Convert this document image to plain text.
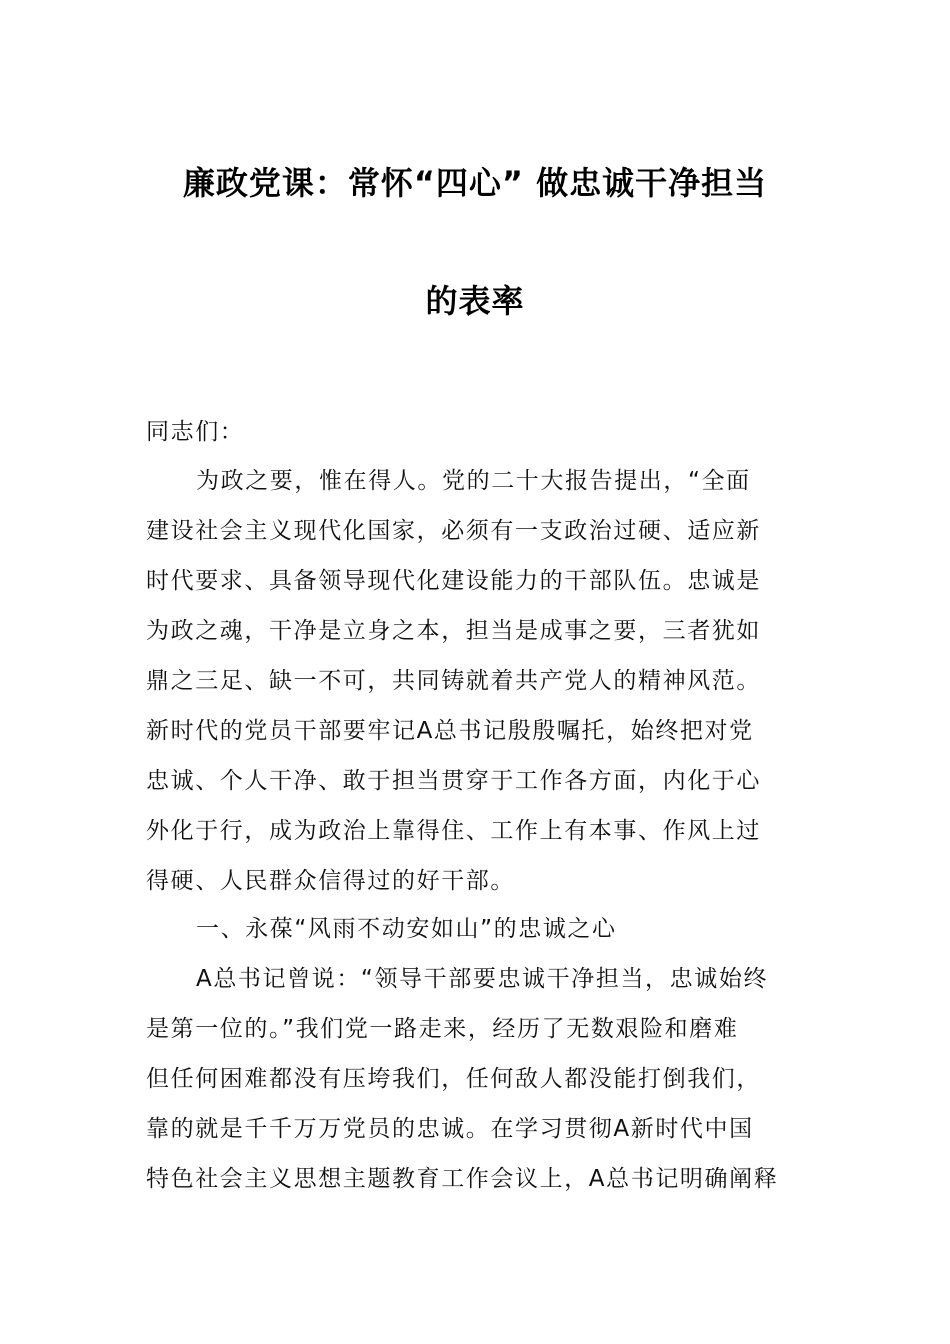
廉政党课：常怀“四心” 做忠诚干净担当
的表率
同志们：
为政之要，惟在得人。党的二十大报告提出，“全面
建设社会主义现代化国家，必须有一支政治过硬、适应新
时代要求、具备领导现代化建设能力的干部队伍。忠诚是
为政之魂，干净是立身之本，担当是成事之要，三者犹如
鼎之三足、缺一不可，共同铸就着共产党人的精神风范。
新时代的党员干部要牢记A总书记殷殷嘱托，始终把对党
忠诚、个人干净、敢于担当贯穿于工作各方面，内化于心
外化于行，成为政治上靠得住、工作上有本事、作风上过
得硬、人民群众信得过的好干部。
一、永葆“风雨不动安如山”的忠诚之心
A总书记曾说：“领导干部要忠诚干净担当，忠诚始终
是第一位的。”我们党一路走来，经历了无数艰险和磨难
但任何困难都没有压垮我们，任何敌人都没能打倒我们，
靠的就是千千万万党员的忠诚。在学习贯彻A新时代中国
特色社会主义思想主题教育工作会议上，A总书记明确阐释
